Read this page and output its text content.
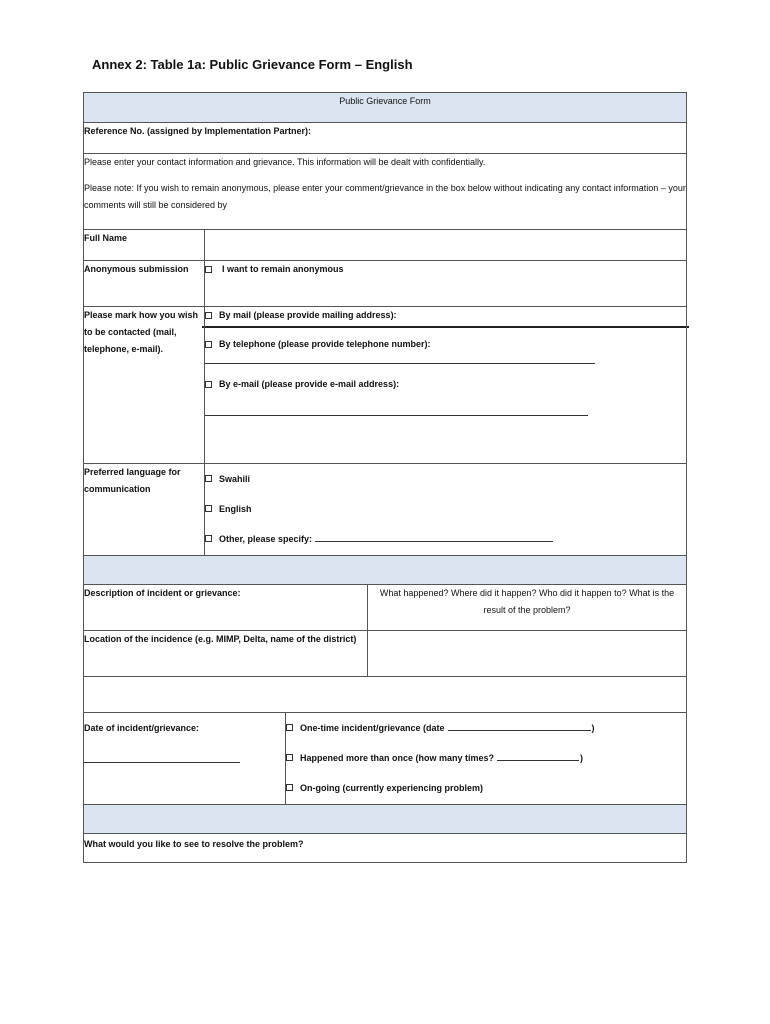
Annex 2: Table 1a: Public Grievance Form – English
Public Grievance Form			
Reference No. (assigned by Implementation Partner):			

Please enter your contact information and grievance. This information will be dealt with confidentially.
Please note: If you wish to remain anonymous, please enter your comment/grievance in the box below without indicating any contact information – your comments will still be considered by			

Full Name			
Anonymous submission	I want to remain anonymous		

Please mark how you wish to be contacted (mail, telephone, e-mail).	By mail (please provide mailing address):
By telephone (please provide telephone number):
By e-mail (please provide e-mail address):		

Preferred language for communication	Swahili
English
Other, please specify:		

Description of incident or grievance:			What happened? Where did it happen? Who did it happen to? What is the result of the problem?
Location of the incidence (e.g. MIMP, Delta, name of the district)			

Date of incident/grievance:		One-time incident/grievance (date )
Happened more than once (how many times? )
On-going (currently experiencing problem)	

What would you like to see to resolve the problem?			
